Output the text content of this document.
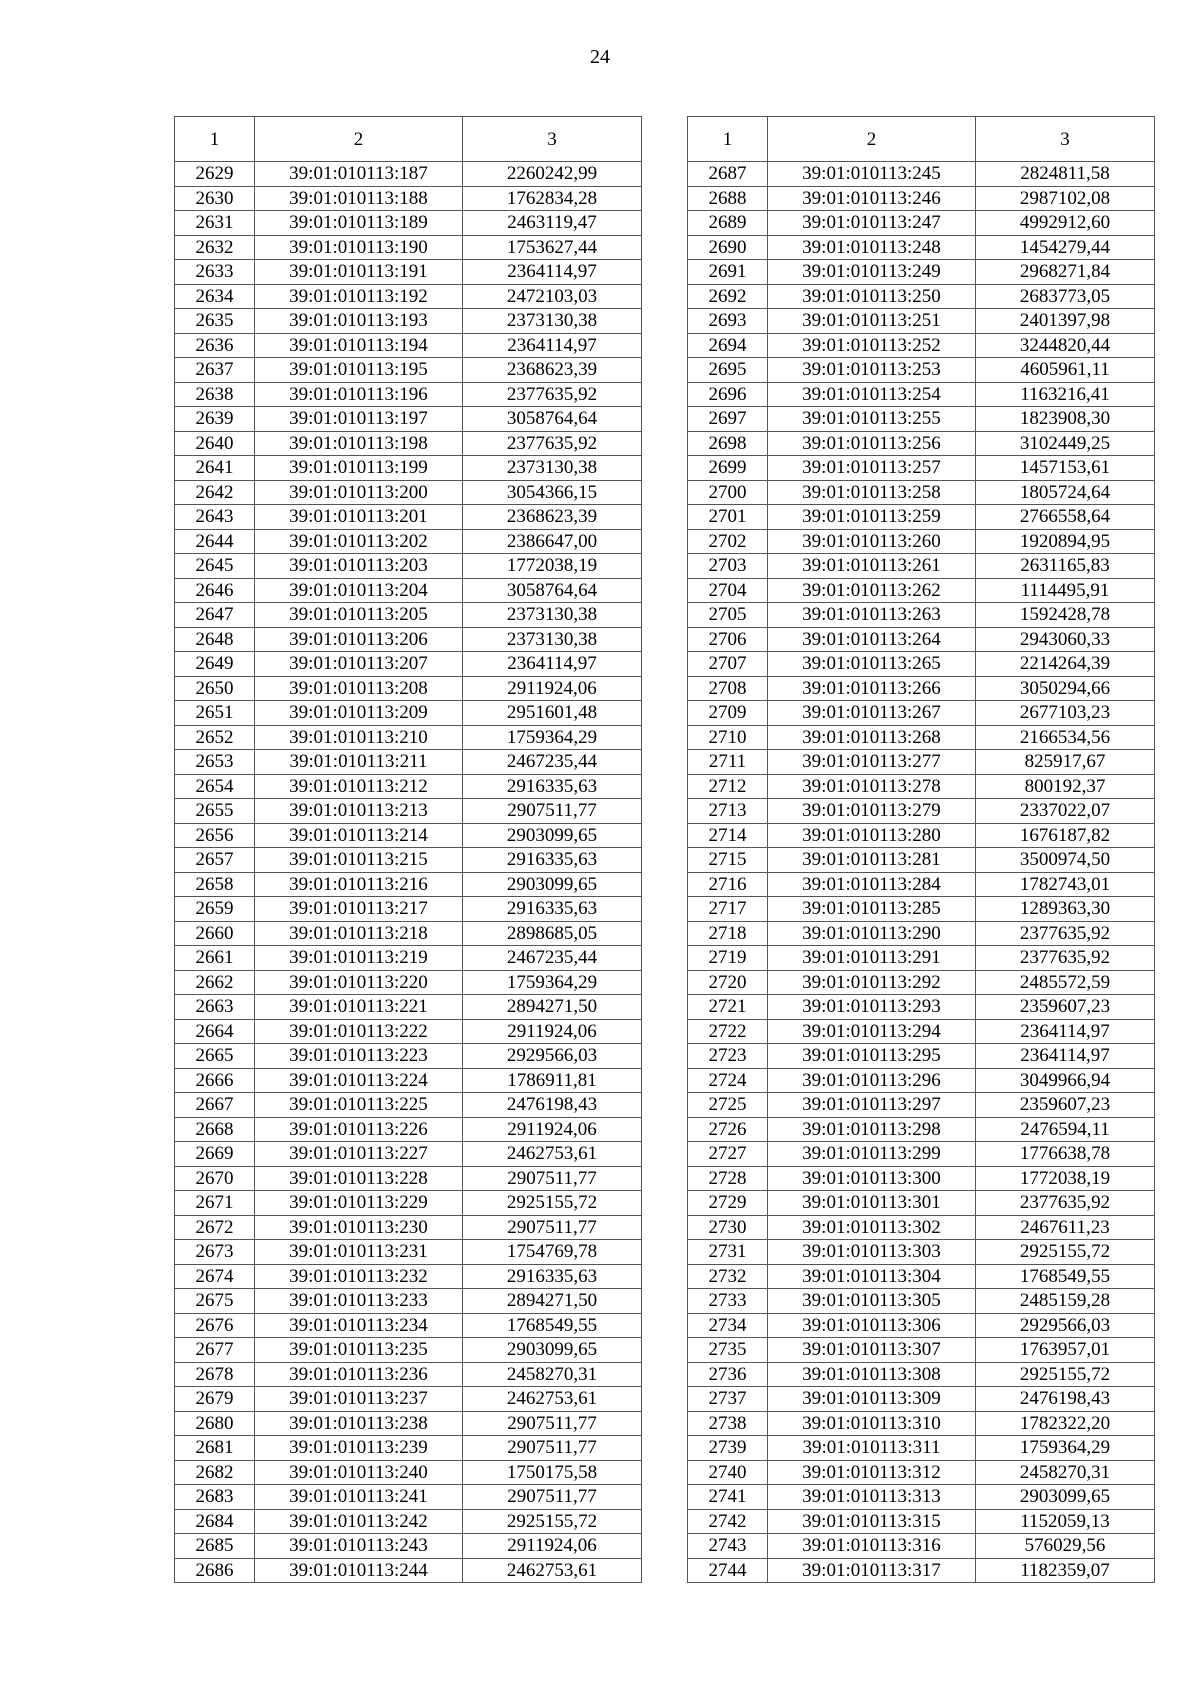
24
1	2	3
2629	39:01:010113:187	2260242,99
2630	39:01:010113:188	1762834,28
2631	39:01:010113:189	2463119,47
2632	39:01:010113:190	1753627,44
2633	39:01:010113:191	2364114,97
2634	39:01:010113:192	2472103,03
2635	39:01:010113:193	2373130,38
2636	39:01:010113:194	2364114,97
2637	39:01:010113:195	2368623,39
2638	39:01:010113:196	2377635,92
2639	39:01:010113:197	3058764,64
2640	39:01:010113:198	2377635,92
2641	39:01:010113:199	2373130,38
2642	39:01:010113:200	3054366,15
2643	39:01:010113:201	2368623,39
2644	39:01:010113:202	2386647,00
2645	39:01:010113:203	1772038,19
2646	39:01:010113:204	3058764,64
2647	39:01:010113:205	2373130,38
2648	39:01:010113:206	2373130,38
2649	39:01:010113:207	2364114,97
2650	39:01:010113:208	2911924,06
2651	39:01:010113:209	2951601,48
2652	39:01:010113:210	1759364,29
2653	39:01:010113:211	2467235,44
2654	39:01:010113:212	2916335,63
2655	39:01:010113:213	2907511,77
2656	39:01:010113:214	2903099,65
2657	39:01:010113:215	2916335,63
2658	39:01:010113:216	2903099,65
2659	39:01:010113:217	2916335,63
2660	39:01:010113:218	2898685,05
2661	39:01:010113:219	2467235,44
2662	39:01:010113:220	1759364,29
2663	39:01:010113:221	2894271,50
2664	39:01:010113:222	2911924,06
2665	39:01:010113:223	2929566,03
2666	39:01:010113:224	1786911,81
2667	39:01:010113:225	2476198,43
2668	39:01:010113:226	2911924,06
2669	39:01:010113:227	2462753,61
2670	39:01:010113:228	2907511,77
2671	39:01:010113:229	2925155,72
2672	39:01:010113:230	2907511,77
2673	39:01:010113:231	1754769,78
2674	39:01:010113:232	2916335,63
2675	39:01:010113:233	2894271,50
2676	39:01:010113:234	1768549,55
2677	39:01:010113:235	2903099,65
2678	39:01:010113:236	2458270,31
2679	39:01:010113:237	2462753,61
2680	39:01:010113:238	2907511,77
2681	39:01:010113:239	2907511,77
2682	39:01:010113:240	1750175,58
2683	39:01:010113:241	2907511,77
2684	39:01:010113:242	2925155,72
2685	39:01:010113:243	2911924,06
2686	39:01:010113:244	2462753,61
1	2	3
2687	39:01:010113:245	2824811,58
2688	39:01:010113:246	2987102,08
2689	39:01:010113:247	4992912,60
2690	39:01:010113:248	1454279,44
2691	39:01:010113:249	2968271,84
2692	39:01:010113:250	2683773,05
2693	39:01:010113:251	2401397,98
2694	39:01:010113:252	3244820,44
2695	39:01:010113:253	4605961,11
2696	39:01:010113:254	1163216,41
2697	39:01:010113:255	1823908,30
2698	39:01:010113:256	3102449,25
2699	39:01:010113:257	1457153,61
2700	39:01:010113:258	1805724,64
2701	39:01:010113:259	2766558,64
2702	39:01:010113:260	1920894,95
2703	39:01:010113:261	2631165,83
2704	39:01:010113:262	1114495,91
2705	39:01:010113:263	1592428,78
2706	39:01:010113:264	2943060,33
2707	39:01:010113:265	2214264,39
2708	39:01:010113:266	3050294,66
2709	39:01:010113:267	2677103,23
2710	39:01:010113:268	2166534,56
2711	39:01:010113:277	825917,67
2712	39:01:010113:278	800192,37
2713	39:01:010113:279	2337022,07
2714	39:01:010113:280	1676187,82
2715	39:01:010113:281	3500974,50
2716	39:01:010113:284	1782743,01
2717	39:01:010113:285	1289363,30
2718	39:01:010113:290	2377635,92
2719	39:01:010113:291	2377635,92
2720	39:01:010113:292	2485572,59
2721	39:01:010113:293	2359607,23
2722	39:01:010113:294	2364114,97
2723	39:01:010113:295	2364114,97
2724	39:01:010113:296	3049966,94
2725	39:01:010113:297	2359607,23
2726	39:01:010113:298	2476594,11
2727	39:01:010113:299	1776638,78
2728	39:01:010113:300	1772038,19
2729	39:01:010113:301	2377635,92
2730	39:01:010113:302	2467611,23
2731	39:01:010113:303	2925155,72
2732	39:01:010113:304	1768549,55
2733	39:01:010113:305	2485159,28
2734	39:01:010113:306	2929566,03
2735	39:01:010113:307	1763957,01
2736	39:01:010113:308	2925155,72
2737	39:01:010113:309	2476198,43
2738	39:01:010113:310	1782322,20
2739	39:01:010113:311	1759364,29
2740	39:01:010113:312	2458270,31
2741	39:01:010113:313	2903099,65
2742	39:01:010113:315	1152059,13
2743	39:01:010113:316	576029,56
2744	39:01:010113:317	1182359,07
